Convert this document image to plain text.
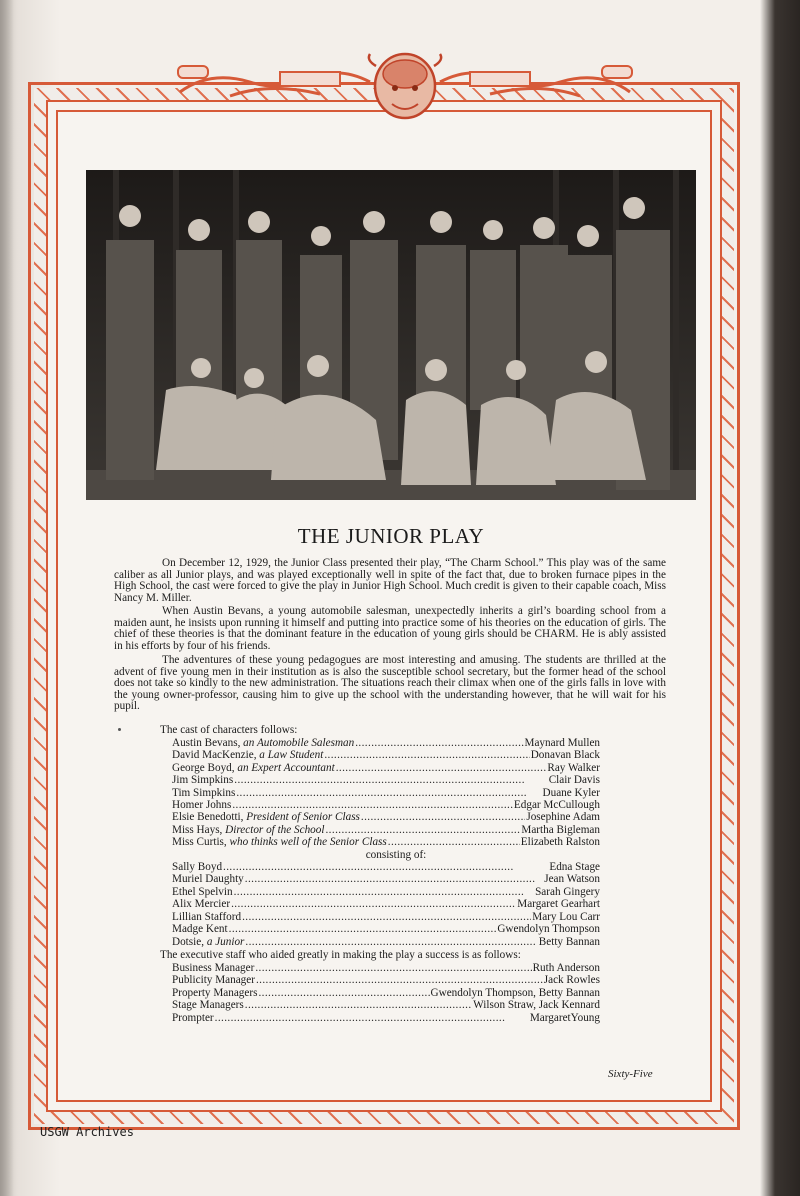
THE JUNIOR PLAY

On December 12, 1929, the Junior Class presented their play, “The Charm School.” This play was of the same caliber as all Junior plays, and was played exceptionally well in spite of the fact that, due to broken furnace pipes in the High School, the cast were forced to give the play in Junior High School. Much credit is given to their capable coach, Miss Nancy M. Miller.

When Austin Bevans, a young automobile salesman, unexpectedly inherits a girl’s boarding school from a maiden aunt, he insists upon running it himself and putting into practice some of his theories on the education of girls. The chief of these theories is that the dominant feature in the education of young girls should be CHARM. He is ably assisted in his efforts by four of his friends.

The adventures of these young pedagogues are most interesting and amusing. The students are thrilled at the advent of five young men in their institution as is also the susceptible school secretary, but the former head of the school does not take so kindly to the new administration. The situations reach their climax when one of the girls falls in love with the young owner-professor, causing him to give up the school with the understanding however, that he will wait for his pupil.

The cast of characters follows:

Austin Bevans, an Automobile Salesman . . .	Maynard Mullen
David MacKenzie, a Law Student . . .	Donavan Black
George Boyd, an Expert Accountant . . .	Ray Walker
Jim Simpkins . . .	Clair Davis
Tim Simpkins . . .	Duane Kyler
Homer Johns . . .	Edgar McCullough
Elsie Benedotti, President of Senior Class . . .	Josephine Adam
Miss Hays, Director of the School . . .	Martha Bigleman
Miss Curtis, who thinks well of the Senior Class . . .	Elizabeth Ralston
consisting of:
Sally Boyd . . .	Edna Stage
Muriel Daughty . . .	Jean Watson
Ethel Spelvin . . .	Sarah Gingery
Alix Mercier . . .	Margaret Gearhart
Lillian Stafford . . .	Mary Lou Carr
Madge Kent . . .	Gwendolyn Thompson
Dotsie, a Junior . . .	Betty Bannan

The executive staff who aided greatly in making the play a success is as follows:

Business Manager . . .	Ruth Anderson
Publicity Manager . . .	Jack Rowles
Property Managers . . .	Gwendolyn Thompson, Betty Bannan
Stage Managers . . .	Wilson Straw, Jack Kennard
Prompter . . .	MargaretYoung

Sixty-Five

USGW Archives
